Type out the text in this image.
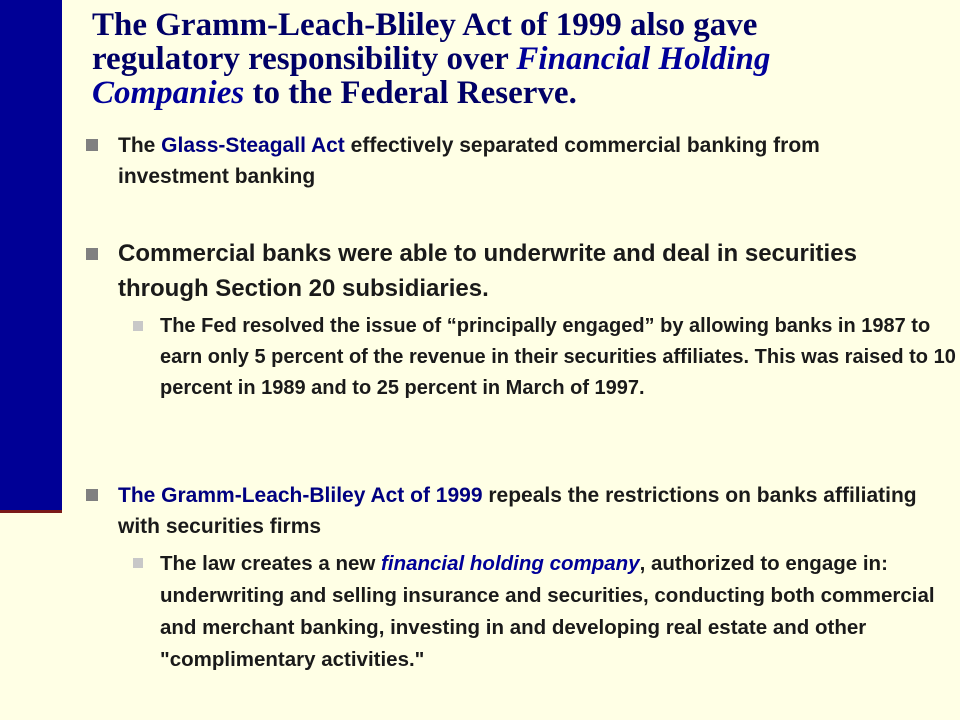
The Gramm-Leach-Bliley Act of 1999 also gave
regulatory responsibility over Financial Holding
Companies to the Federal Reserve.
The Glass-Steagall Act effectively separated commercial banking from investment banking
Commercial banks were able to underwrite and deal in securities through Section 20 subsidiaries.
The Fed resolved the issue of “principally engaged” by allowing banks in 1987 to earn only 5 percent of the revenue in their securities affiliates. This was raised to 10 percent in 1989 and to 25 percent in March of 1997.
The Gramm-Leach-Bliley Act of 1999 repeals the restrictions on banks affiliating with securities firms
The law creates a new financial holding company, authorized to engage in: underwriting and selling insurance and securities, conducting both commercial and merchant banking, investing in and developing real estate and other "complimentary activities."
